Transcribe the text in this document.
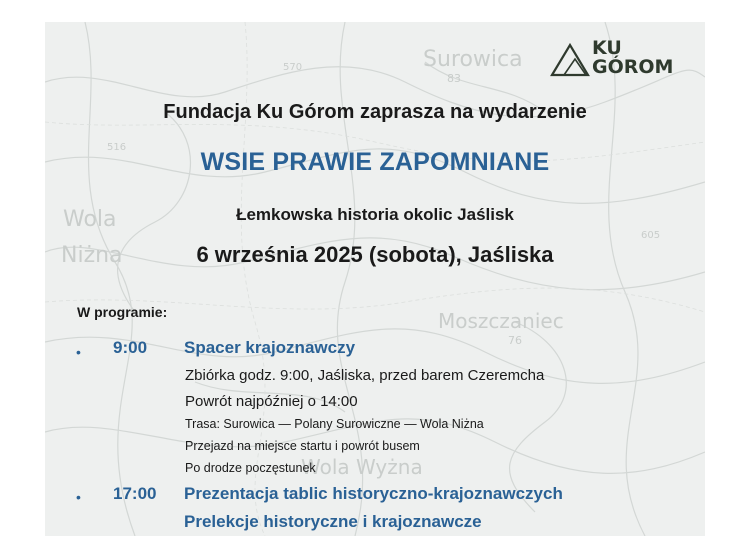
Surowica
83
Wola
Niżna
Moszczaniec
76
Wola Wyżna
570
516
605
KU
GÓROM
Fundacja Ku Górom zaprasza na wydarzenie
WSIE PRAWIE ZAPOMNIANE
Łemkowska historia okolic Jaślisk
6 września 2025 (sobota), Jaśliska
W programie:
• 9:00 Spacer krajoznawczy
Zbiórka godz. 9:00, Jaśliska, przed barem Czeremcha
Powrót najpóźniej o 14:00
Trasa: Surowica — Polany Surowiczne — Wola Niżna
Przejazd na miejsce startu i powrót busem
Po drodze poczęstunek
• 17:00 Prezentacja tablic historyczno-krajoznawczych
Prelekcje historyczne i krajoznawcze
